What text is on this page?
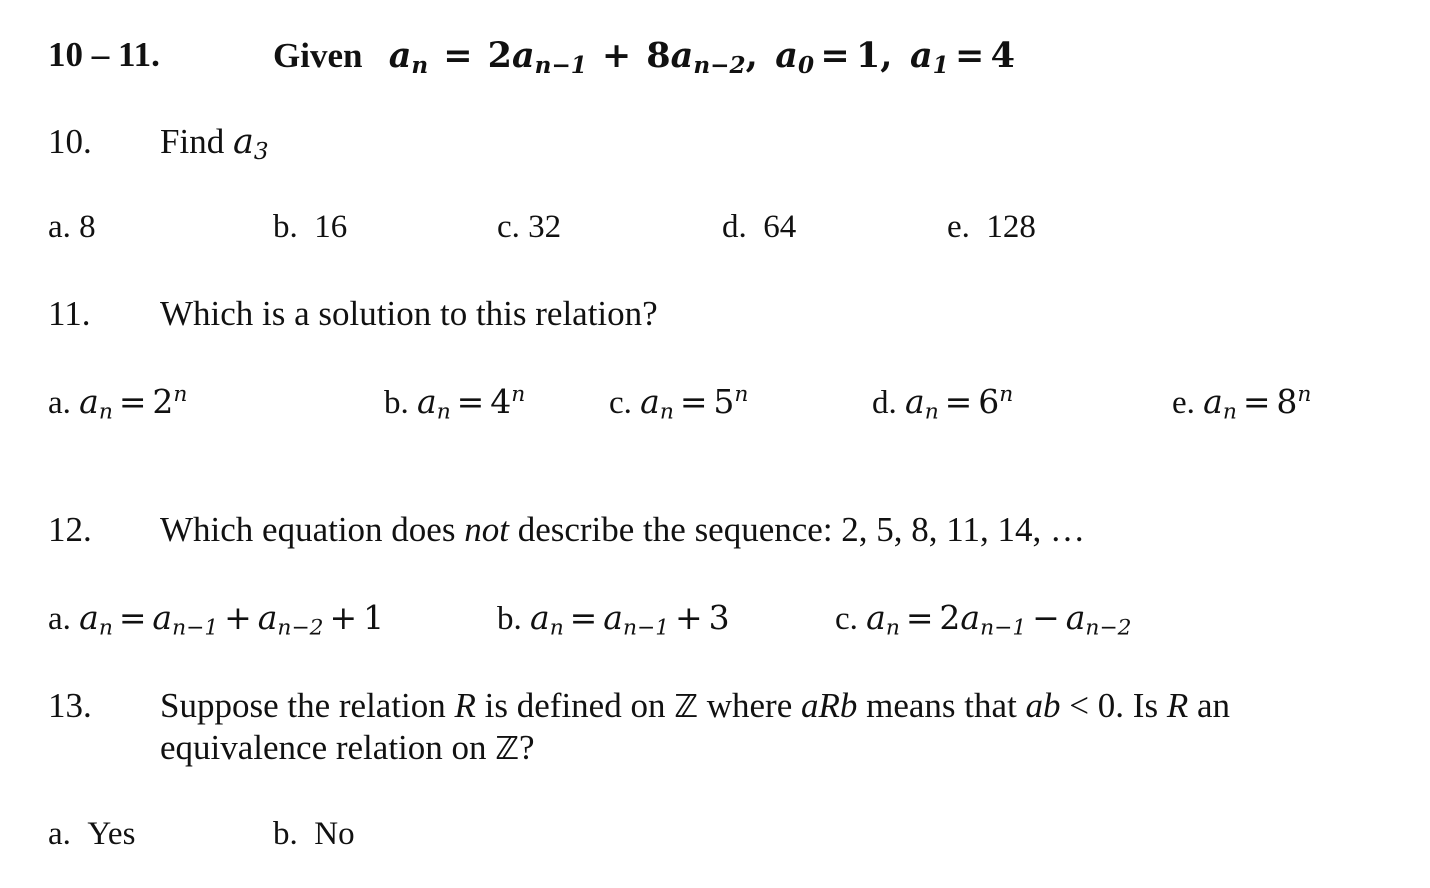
10 – 11.	Given $a_n = 2a_{n-1} + 8a_{n-2}$, $a_0 = 1$, $a_1 = 4$
10. Find $a_3$
a. 8	b. 16	c. 32	d. 64	e. 128
11. Which is a solution to this relation?
a. $a_n = 2^n$	b. $a_n = 4^n$	c. $a_n = 5^n$	d. $a_n = 6^n$	e. $a_n = 8^n$
12. Which equation does not describe the sequence: 2, 5, 8, 11, 14, …
a. $a_n = a_{n-1} + a_{n-2} + 1$	b. $a_n = a_{n-1} + 3$	c. $a_n = 2a_{n-1} - a_{n-2}$
13. Suppose the relation R is defined on ℤ where aRb means that ab < 0. Is R an
equivalence relation on ℤ?
a. Yes	b. No
